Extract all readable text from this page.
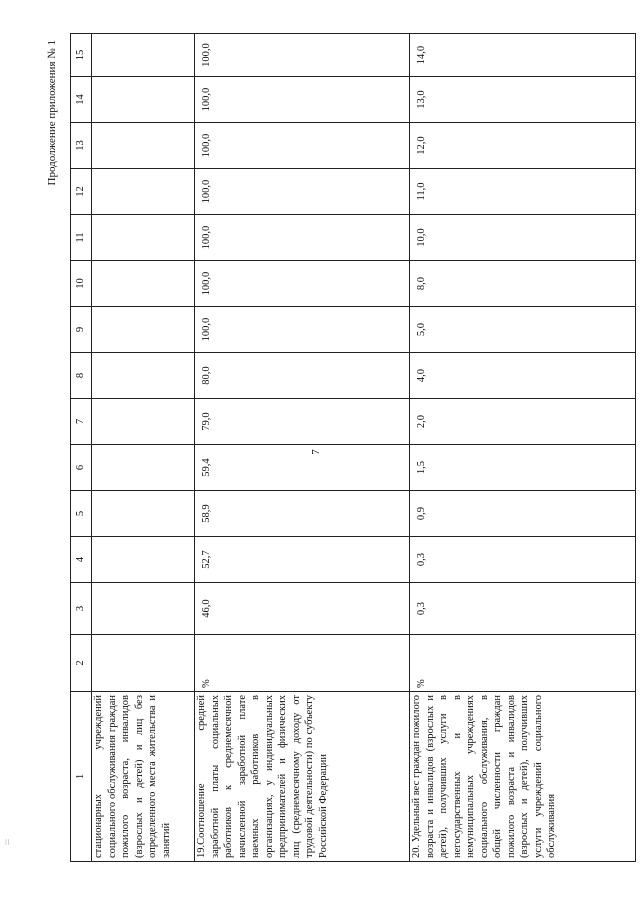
7
:::
Продолжение приложения № 1
1	2	3	4	5	6	7	8	9	10	11	12	13	14	15
стационарных учреждений социального обслуживания граждан пожилого возраста, инвалидов (взрослых и детей) и лиц без определенного места жительства и занятий														
19.Соотношение средней заработной платы социальных работников к среднемесячной начисленной заработной плате наемных работников в организациях, у индивидуальных предпринимателей и физических лиц (среднемесячному доходу от трудовой деятельности) по субъекту Российской Федерации	%	46,0	52,7	58,9	59,4	79,0	80,0	100,0	100,0	100,0	100,0	100,0	100,0	100,0
20. Удельный вес граждан пожилого возраста и инвалидов (взрослых и детей), получивших услуги в негосударственных и в немуниципальных учреждениях социального обслуживания, в общей численности граждан пожилого возраста и инвалидов (взрослых и детей), получивших услуги учреждений социального обслуживания	%	0,3	0,3	0,9	1,5	2,0	4,0	5,0	8,0	10,0	11,0	12,0	13,0	14,0
